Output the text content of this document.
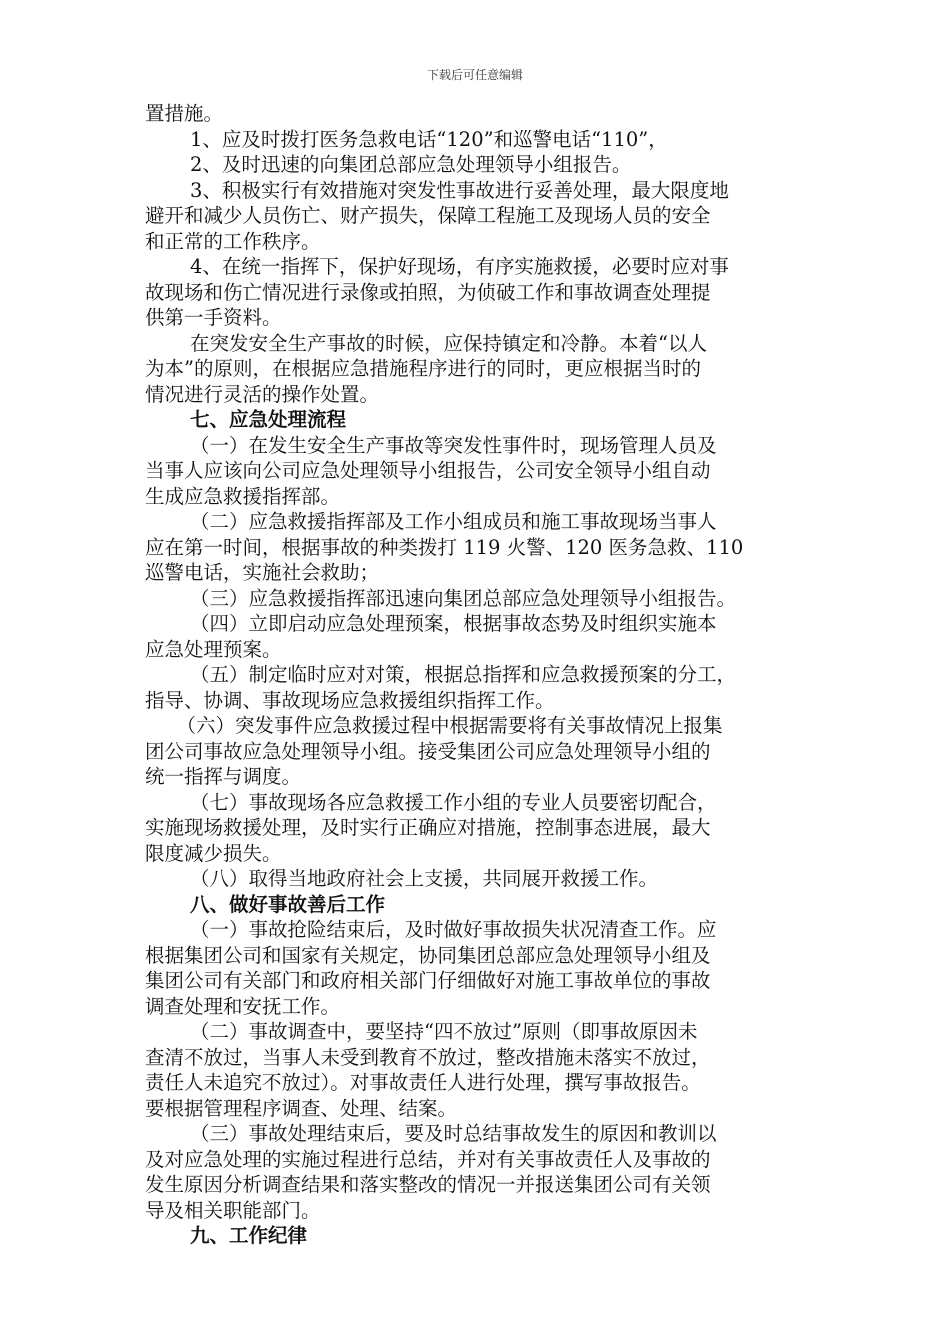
下载后可任意编辑
置措施。
1、应及时拨打医务急救电话“120”和巡警电话“110”，
2、及时迅速的向集团总部应急处理领导小组报告。
3、积极实行有效措施对突发性事故进行妥善处理，最大限度地
避开和减少人员伤亡、财产损失，保障工程施工及现场人员的安全
和正常的工作秩序。
4、在统一指挥下，保护好现场，有序实施救援，必要时应对事
故现场和伤亡情况进行录像或拍照，为侦破工作和事故调查处理提
供第一手资料。
在突发安全生产事故的时候，应保持镇定和冷静。本着“以人
为本”的原则，在根据应急措施程序进行的同时，更应根据当时的
情况进行灵活的操作处置。
七、应急处理流程
（一）在发生安全生产事故等突发性事件时，现场管理人员及
当事人应该向公司应急处理领导小组报告，公司安全领导小组自动
生成应急救援指挥部。
（二）应急救援指挥部及工作小组成员和施工事故现场当事人
应在第一时间，根据事故的种类拨打 119 火警、120 医务急救、110
巡警电话，实施社会救助；
（三）应急救援指挥部迅速向集团总部应急处理领导小组报告。
（四）立即启动应急处理预案，根据事故态势及时组织实施本
应急处理预案。
（五）制定临时应对对策，根据总指挥和应急救援预案的分工，
指导、协调、事故现场应急救援组织指挥工作。
（六）突发事件应急救援过程中根据需要将有关事故情况上报集
团公司事故应急处理领导小组。接受集团公司应急处理领导小组的
统一指挥与调度。
（七）事故现场各应急救援工作小组的专业人员要密切配合，
实施现场救援处理，及时实行正确应对措施，控制事态进展，最大
限度减少损失。
（八）取得当地政府社会上支援，共同展开救援工作。
八、做好事故善后工作
（一）事故抢险结束后，及时做好事故损失状况清查工作。应
根据集团公司和国家有关规定，协同集团总部应急处理领导小组及
集团公司有关部门和政府相关部门仔细做好对施工事故单位的事故
调查处理和安抚工作。
（二）事故调查中，要坚持“四不放过”原则（即事故原因未
查清不放过，当事人未受到教育不放过，整改措施未落实不放过，
责任人未追究不放过）。对事故责任人进行处理，撰写事故报告。
要根据管理程序调查、处理、结案。
（三）事故处理结束后，要及时总结事故发生的原因和教训以
及对应急处理的实施过程进行总结，并对有关事故责任人及事故的
发生原因分析调查结果和落实整改的情况一并报送集团公司有关领
导及相关职能部门。
九、工作纪律
